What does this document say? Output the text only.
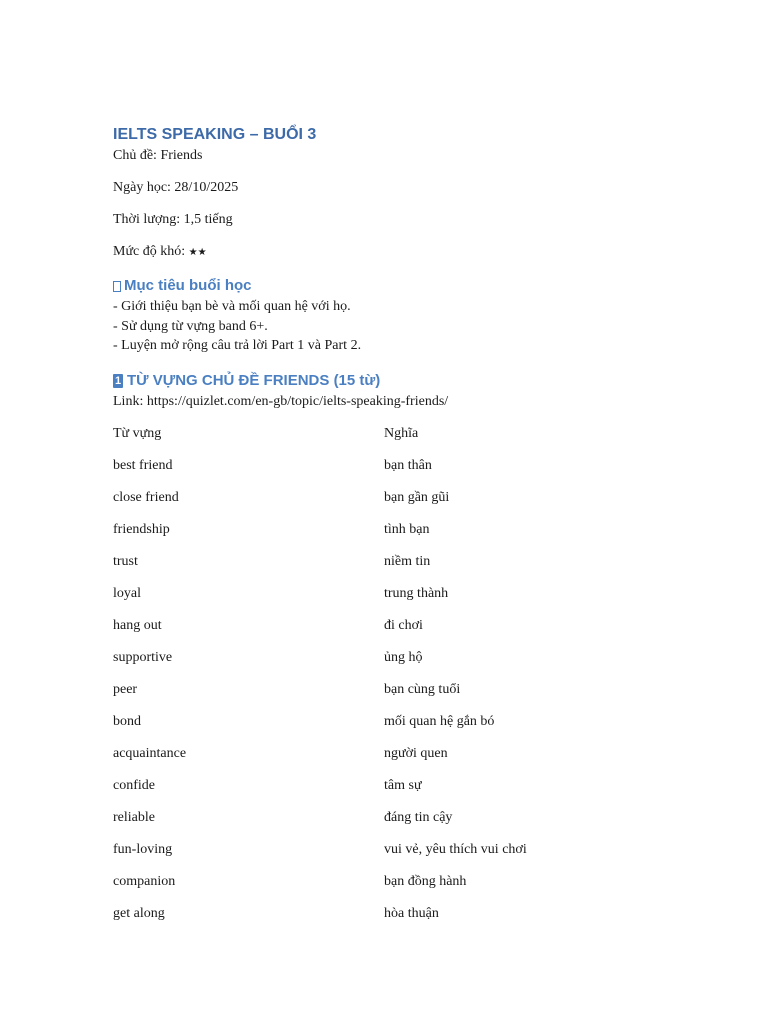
IELTS SPEAKING – BUỔI 3

Chủ đề: Friends

Ngày học: 28/10/2025

Thời lượng: 1,5 tiếng

Mức độ khó: ★★

Mục tiêu buổi học

- Giới thiệu bạn bè và mối quan hệ với họ.

- Sử dụng từ vựng band 6+.

- Luyện mở rộng câu trả lời Part 1 và Part 2.

1 TỪ VỰNG CHỦ ĐỀ FRIENDS (15 từ)

Link: https://quizlet.com/en-gb/topic/ielts-speaking-friends/

Từ vựng	Nghĩa
best friend	bạn thân
close friend	bạn gần gũi
friendship	tình bạn
trust	niềm tin
loyal	trung thành
hang out	đi chơi
supportive	ủng hộ
peer	bạn cùng tuổi
bond	mối quan hệ gắn bó
acquaintance	người quen
confide	tâm sự
reliable	đáng tin cậy
fun-loving	vui vẻ, yêu thích vui chơi
companion	bạn đồng hành
get along	hòa thuận
